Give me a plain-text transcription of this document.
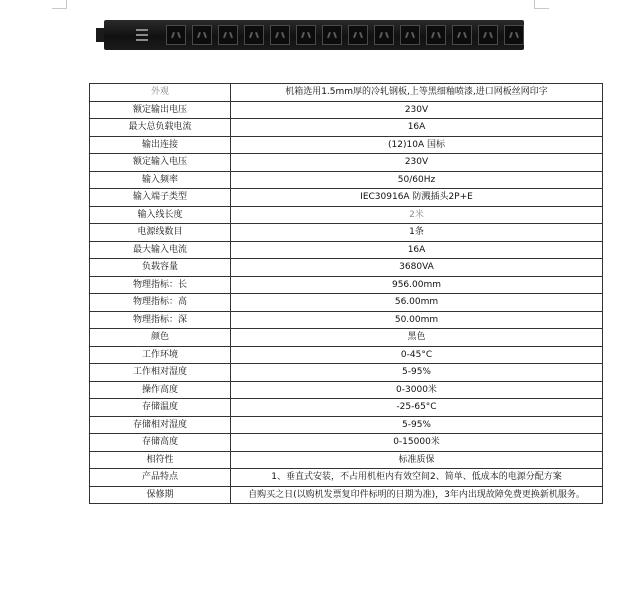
外观	机箱选用1.5mm厚的冷轧钢板,上等黑细釉喷漆,进口网板丝网印字
额定输出电压	230V
最大总负载电流	16A
输出连接	(12)10A 国标
额定输入电压	230V
输入频率	50/60Hz
输入端子类型	IEC30916A 防溅插头2P+E
输入线长度	2米
电源线数目	1条
最大输入电流	16A
负载容量	3680VA
物理指标：长	956.00mm
物理指标：高	56.00mm
物理指标：深	50.00mm
颜色	黑色
工作环境	0-45°C
工作相对湿度	5-95%
操作高度	0-3000米
存储温度	-25-65°C
存储相对湿度	5-95%
存储高度	0-15000米
相符性	标准质保
产品特点	1、垂直式安装，不占用机柜内有效空间2、简单、低成本的电源分配方案
保修期	自购买之日(以购机发票复印件标明的日期为准)，3年内出现故障免费更换新机服务。
